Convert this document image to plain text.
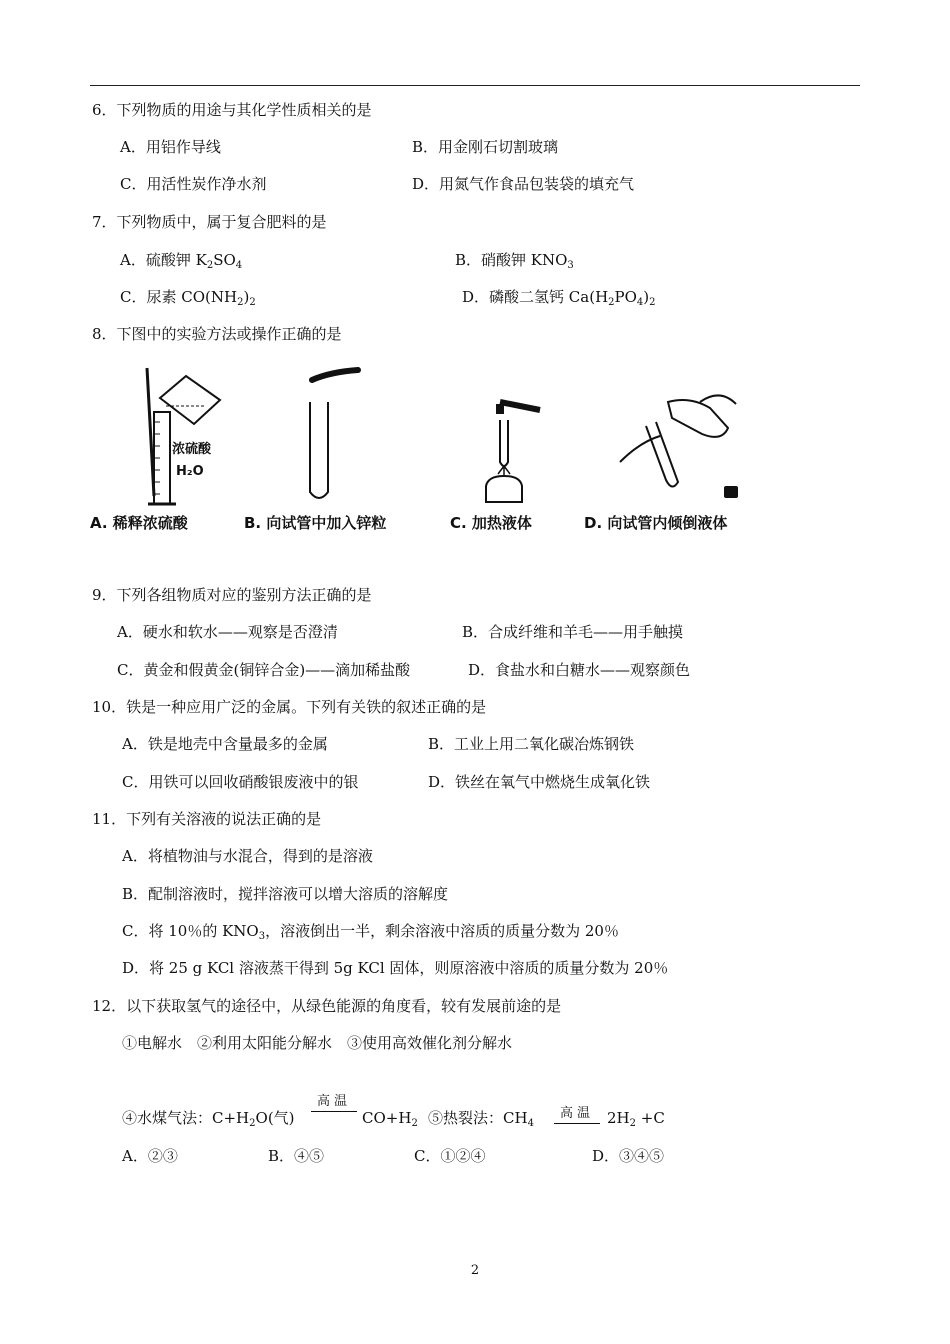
6．下列物质的用途与其化学性质相关的是
A．用铝作导线	B．用金刚石切割玻璃
C．用活性炭作净水剂	D．用氮气作食品包装袋的填充气
7．下列物质中，属于复合肥料的是
A．硫酸钾 $K_2SO_4$	B．硝酸钾 $KNO_3$
C．尿素 $CO(NH_2)_2$	D．磷酸二氢钙 $Ca(H_2PO_4)_2$
8．下图中的实验方法或操作正确的是
浓硫酸
H₂O
A. 稀释浓硫酸	B. 向试管中加入锌粒	C. 加热液体	D. 向试管内倾倒液体
9．下列各组物质对应的鉴别方法正确的是
A．硬水和软水——观察是否澄清	B．合成纤维和羊毛——用手触摸
C．黄金和假黄金(铜锌合金)——滴加稀盐酸	D．食盐水和白糖水——观察颜色
10．铁是一种应用广泛的金属。下列有关铁的叙述正确的是
A．铁是地壳中含量最多的金属	B．工业上用二氧化碳冶炼钢铁
C．用铁可以回收硝酸银废液中的银	D．铁丝在氧气中燃烧生成氧化铁
11．下列有关溶液的说法正确的是
A．将植物油与水混合，得到的是溶液
B．配制溶液时，搅拌溶液可以增大溶质的溶解度
C．将 10％的 $KNO_3$，溶液倒出一半，剩余溶液中溶质的质量分数为 20％
D．将 25 g KCl 溶液蒸干得到 5g KCl 固体，则原溶液中溶质的质量分数为 20％
12．以下获取氢气的途径中，从绿色能源的角度看，较有发展前途的是
①电解水　②利用太阳能分解水　③使用高效催化剂分解水
④水煤气法：$C+H_2O$(气)
高温
$CO+H_2$ ⑤热裂法：$CH_4$
高温 $2H_2 +C$
A．②③	B．④⑤	C．①②④	D．③④⑤
2
